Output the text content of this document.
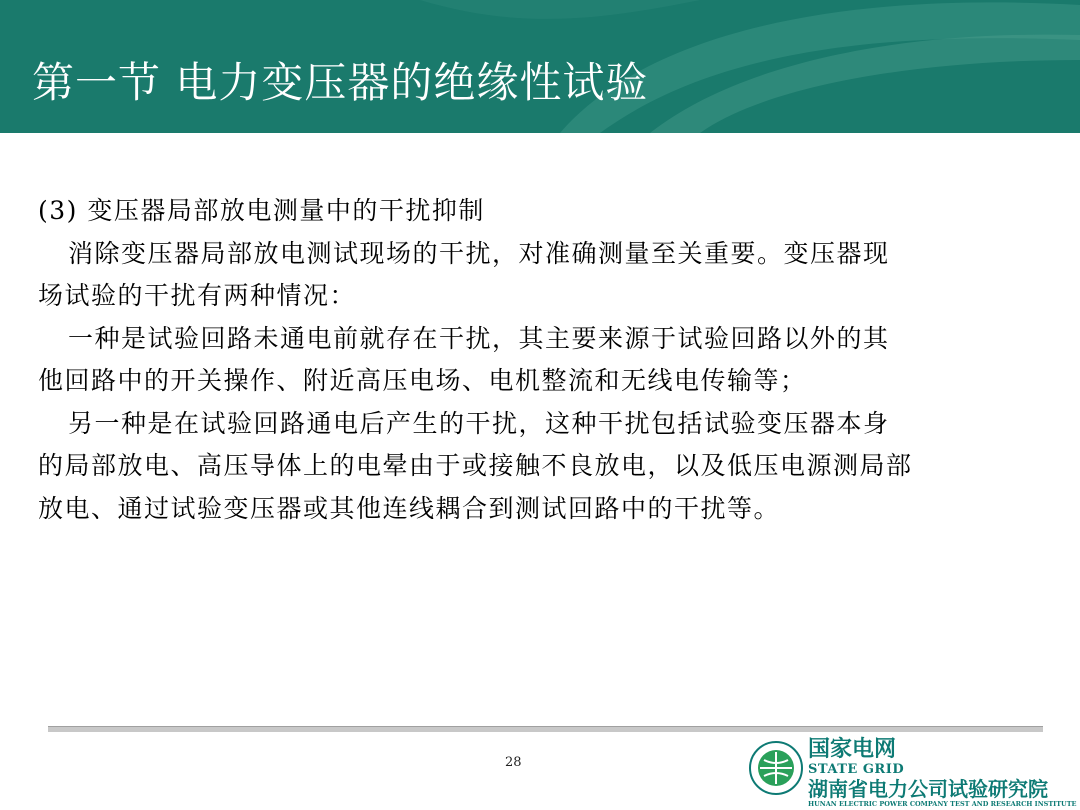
第一节 电力变压器的绝缘性试验

(3) 变压器局部放电测量中的干扰抑制

消除变压器局部放电测试现场的干扰，对准确测量至关重要。变压器现

场试验的干扰有两种情况：

一种是试验回路未通电前就存在干扰，其主要来源于试验回路以外的其

他回路中的开关操作、附近高压电场、电机整流和无线电传输等；

另一种是在试验回路通电后产生的干扰，这种干扰包括试验变压器本身

的局部放电、高压导体上的电晕由于或接触不良放电，以及低压电源测局部

放电、通过试验变压器或其他连线耦合到测试回路中的干扰等。

28
国家电网
STATE GRID
湖南省电力公司试验研究院
HUNAN ELECTRIC POWER COMPANY TEST AND RESEARCH INSTITUTE
